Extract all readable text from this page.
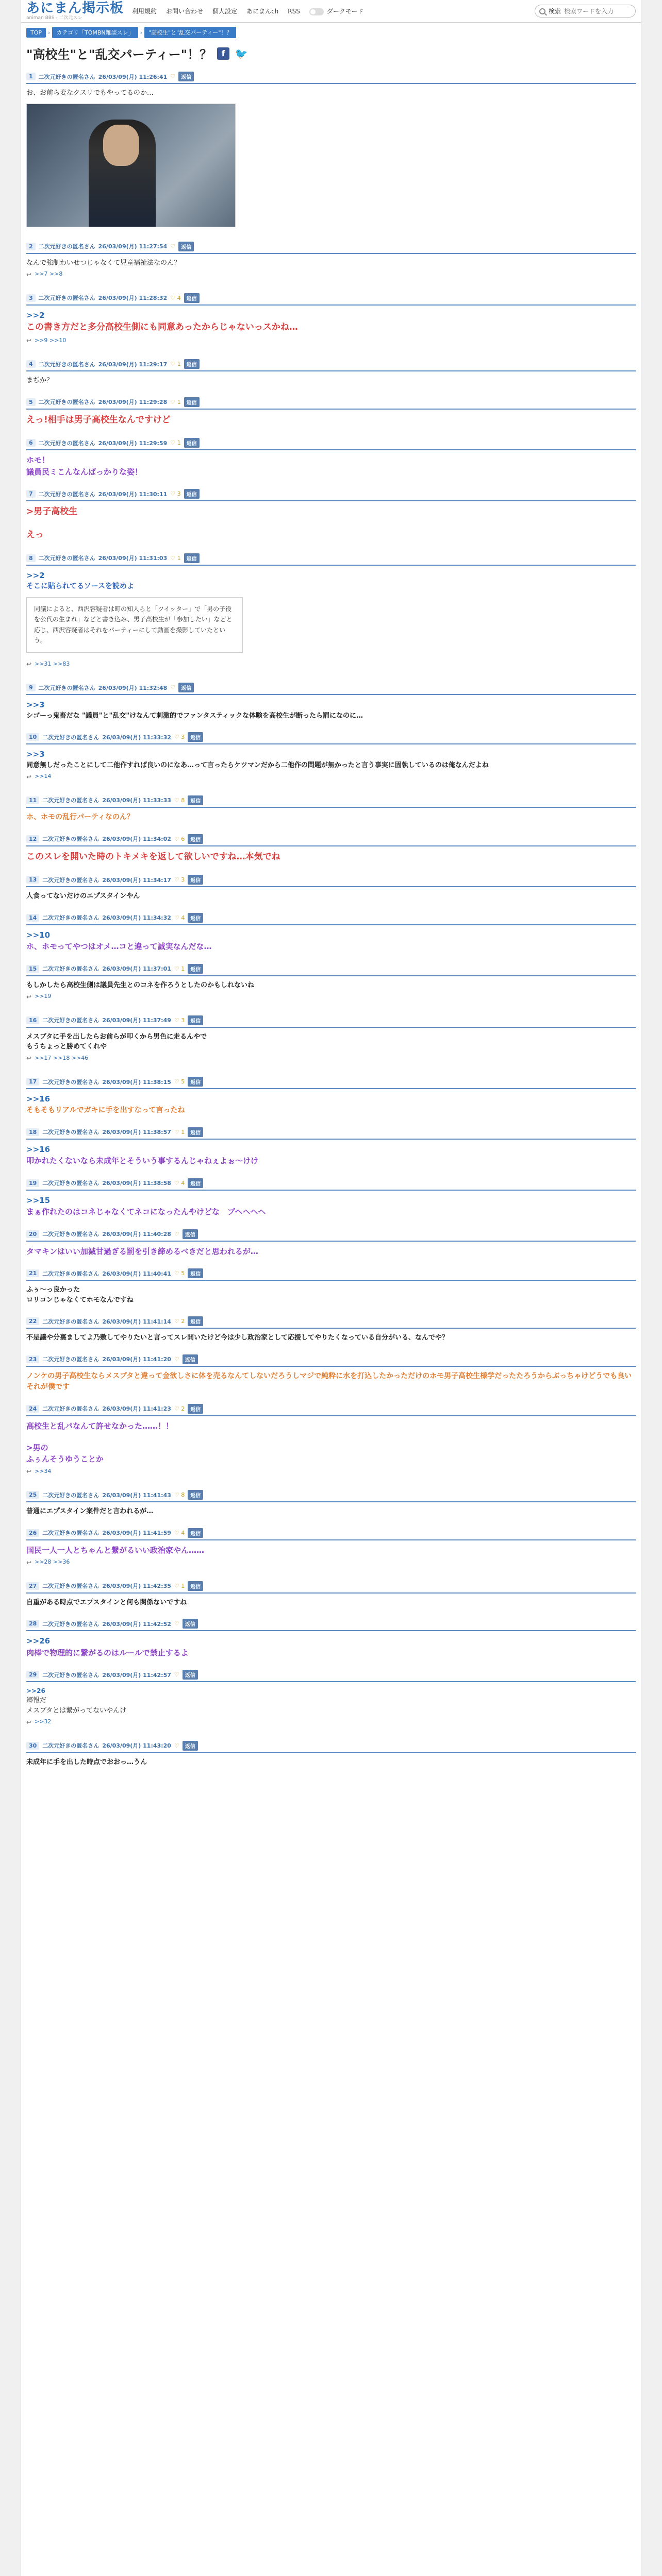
あにまん掲示板
animan BBS - 二次元スレ
利用規約 お問い合わせ 個人設定 あにまんch RSS	ダークモード	検索
検索ワードを入力
TOP	›	カテゴリ「TOMBN雑談スレ」	›	"高校生"と"乱交パーティー"！？
"高校生"と"乱交パーティー"！？	f 🐦
1	二次元好きの匿名さん 26/03/09(月) 11:26:41 ♡	返信

お、お前ら変なクスリでもやってるのか…

2	二次元好きの匿名さん 26/03/09(月) 11:27:54 ♡	返信

なんで強制わいせつじゃなくて児童福祉法なのん？

↩
>>7 >>8
3	二次元好きの匿名さん 26/03/09(月) 11:28:32 ♡ 4	返信

>>2

この書き方だと多分高校生側にも同意あったからじゃないっスかね…

↩
>>9 >>10
4	二次元好きの匿名さん 26/03/09(月) 11:29:17 ♡ 1	返信

まぢか？

5	二次元好きの匿名さん 26/03/09(月) 11:29:28 ♡ 1	返信

えっ!相手は男子高校生なんですけど

6	二次元好きの匿名さん 26/03/09(月) 11:29:59 ♡ 1	返信

ホモ！

議員民ミこんなんばっかりな姿！

7	二次元好きの匿名さん 26/03/09(月) 11:30:11 ♡ 3	返信

>男子高校生

えっ

8	二次元好きの匿名さん 26/03/09(月) 11:31:03 ♡ 1	返信

>>2

そこに貼られてるソースを読めよ

同議によると、西沢容疑者は町の知人らと「ツイッター」で「男の子役を公代の生まれ」などと書き込み、男子高校生が「参加したい」などと応じ、西沢容疑者はそれをパーティーにして動画を撮影していたという。
↩
>>31 >>83
9	二次元好きの匿名さん 26/03/09(月) 11:32:48 ♡	返信

>>3

シゴーっ鬼畜だな "議員"と"乱交"けなんて刺激的でファンタスティックな体験を高校生が断ったら罰になのに…

10	二次元好きの匿名さん 26/03/09(月) 11:33:32 ♡ 3	返信

>>3

同意無しだったことにして二他作すれば良いのになあ…って言ったらケツマンだから二他作の問題が無かったと言う事実に固執しているのは俺なんだよね

↩
>>14
11	二次元好きの匿名さん 26/03/09(月) 11:33:33 ♡ 8	返信

ホ、ホモの乱行パーティなのん？

12	二次元好きの匿名さん 26/03/09(月) 11:34:02 ♡ 6	返信

このスレを開いた時のトキメキを返して欲しいですね…本気でね

13	二次元好きの匿名さん 26/03/09(月) 11:34:17 ♡ 3	返信

人食ってないだけのエプスタインやん

14	二次元好きの匿名さん 26/03/09(月) 11:34:32 ♡ 4	返信

>>10

ホ、ホモってやつはオメ…コと違って誠実なんだな…

15	二次元好きの匿名さん 26/03/09(月) 11:37:01 ♡ 1	返信

もしかしたら高校生側は議員先生とのコネを作ろうとしたのかもしれないね

↩
>>19
16	二次元好きの匿名さん 26/03/09(月) 11:37:49 ♡ 3	返信

メスブタに手を出したらお前らが叩くから男色に走るんやで

もうちょっと勝めてくれや

↩
>>17 >>18 >>46
17	二次元好きの匿名さん 26/03/09(月) 11:38:15 ♡ 5	返信

>>16

そもそもリアルでガキに手を出すなって言ったね

18	二次元好きの匿名さん 26/03/09(月) 11:38:57 ♡ 1	返信

>>16

叩かれたくないなら未成年とそういう事するんじゃねぇよぉ～けけ

19	二次元好きの匿名さん 26/03/09(月) 11:38:58 ♡ 4	返信

>>15

まぁ作れたのはコネじゃなくてネコになったんやけどな　ブヘヘヘヘ

20	二次元好きの匿名さん 26/03/09(月) 11:40:28 ♡	返信

タマキンはいい加減甘過ぎる罰を引き締めるべきだと思われるが…

21	二次元好きの匿名さん 26/03/09(月) 11:40:41 ♡ 5	返信

ふぅ～っ良かった

ロリコンじゃなくてホモなんですね

22	二次元好きの匿名さん 26/03/09(月) 11:41:14 ♡ 2	返信

不是議や分裏ましてよ乃敷してやりたいと言ってスレ開いたけど今は少し政治家として応援してやりたくなっている自分がいる、なんでや？

23	二次元好きの匿名さん 26/03/09(月) 11:41:20 ♡	返信

ノンケの男子高校生ならメスブタと違って金欲しさに体を売るなんてしないだろうしマジで純粋に水を打込したかっただけのホモ男子高校生様学だったたろうからぶっちゃけどうでも良いそれが僕です

24	二次元好きの匿名さん 26/03/09(月) 11:41:23 ♡ 2	返信

高校生と乱パなんて許せなかった……！！

>男の

ふぅんそうゆうことか

↩
>>34
25	二次元好きの匿名さん 26/03/09(月) 11:41:43 ♡ 8	返信

普通にエプスタイン案件だと言われるが…

26	二次元好きの匿名さん 26/03/09(月) 11:41:59 ♡ 4	返信

国民一人一人とちゃんと繋がるいい政治家やん……

↩
>>28 >>36
27	二次元好きの匿名さん 26/03/09(月) 11:42:35 ♡ 1	返信

自重がある時点でエプスタインと何も関係ないですね

28	二次元好きの匿名さん 26/03/09(月) 11:42:52 ♡	返信

>>26

肉棒で物理的に繋がるのはルールで禁止するよ

29	二次元好きの匿名さん 26/03/09(月) 11:42:57 ♡	返信

>>26

郷報だ

メスブタとは繋がってないやんけ

↩
>>32
30	二次元好きの匿名さん 26/03/09(月) 11:43:20 ♡	返信

未成年に手を出した時点でおおっ…うん
